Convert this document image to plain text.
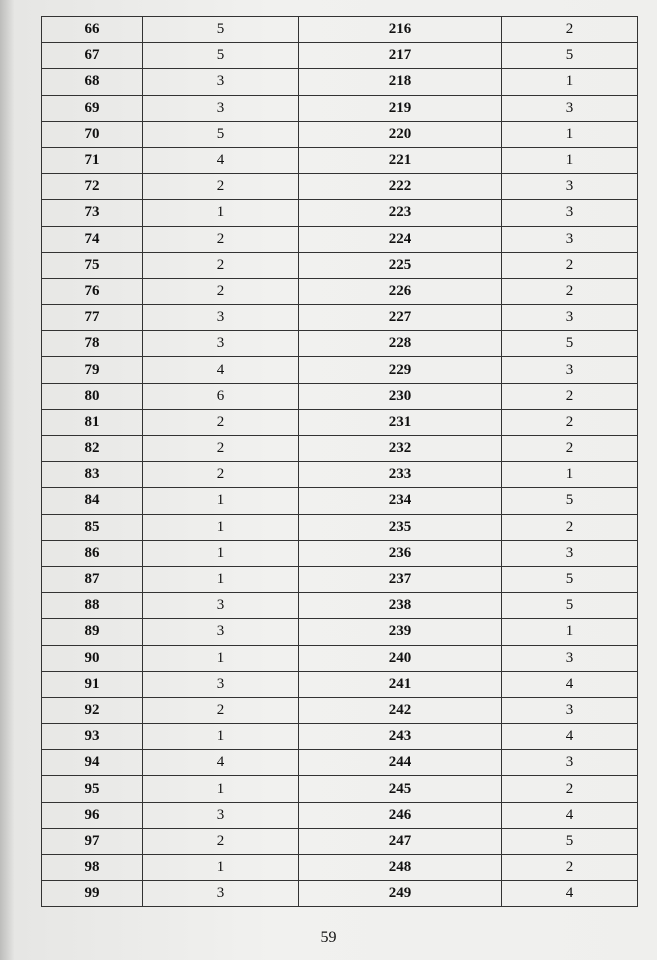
66	5	216	2
67	5	217	5
68	3	218	1
69	3	219	3
70	5	220	1
71	4	221	1
72	2	222	3
73	1	223	3
74	2	224	3
75	2	225	2
76	2	226	2
77	3	227	3
78	3	228	5
79	4	229	3
80	6	230	2
81	2	231	2
82	2	232	2
83	2	233	1
84	1	234	5
85	1	235	2
86	1	236	3
87	1	237	5
88	3	238	5
89	3	239	1
90	1	240	3
91	3	241	4
92	2	242	3
93	1	243	4
94	4	244	3
95	1	245	2
96	3	246	4
97	2	247	5
98	1	248	2
99	3	249	4
59
